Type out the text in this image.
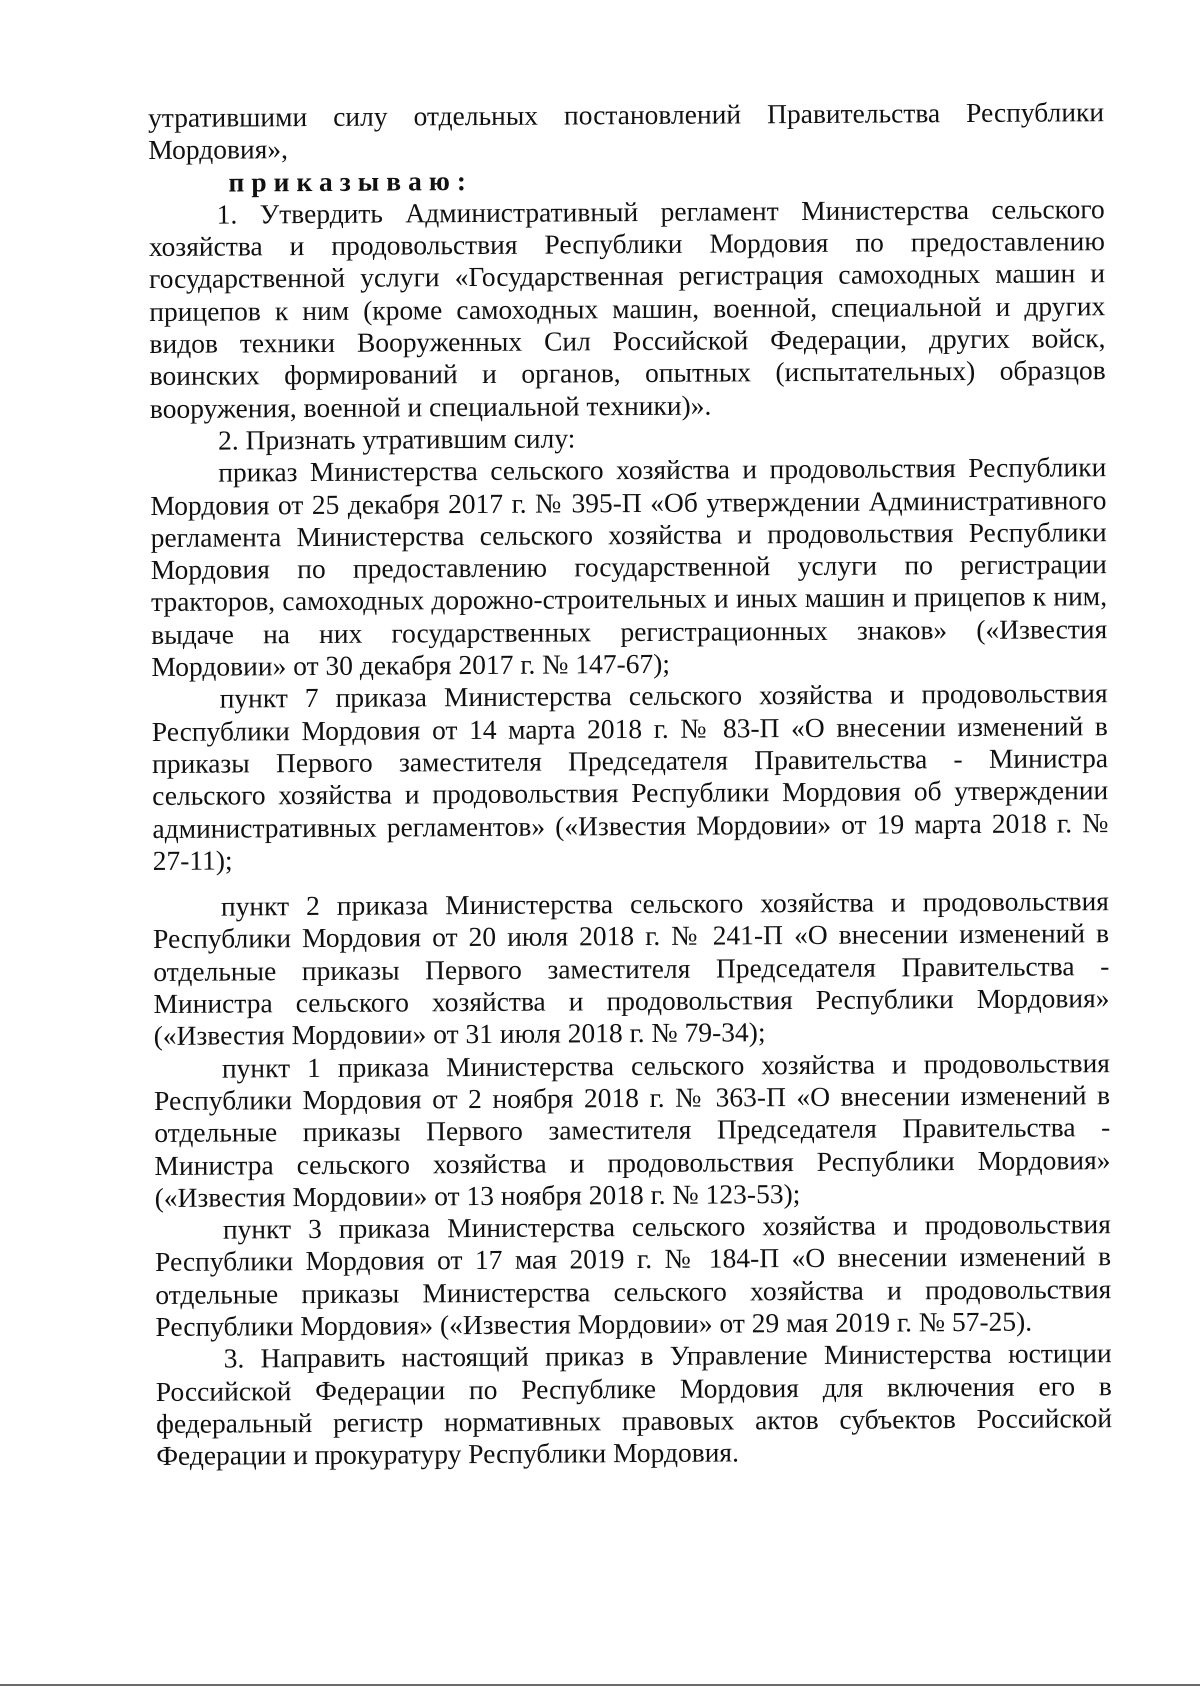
утратившими силу отдельных постановлений Правительства Республики Мордовия»,

приказываю:

1. Утвердить Административный регламент Министерства сельского хозяйства и продовольствия Республики Мордовия по предоставлению государственной услуги «Государственная регистрация самоходных машин и прицепов к ним (кроме самоходных машин, военной, специальной и других видов техники Вооруженных Сил Российской Федерации, других войск, воинских формирований и органов, опытных (испытательных) образцов вооружения, военной и специальной техники)».

2. Признать утратившим силу:

приказ Министерства сельского хозяйства и продовольствия Республики Мордовия от 25 декабря 2017 г. № 395-П «Об утверждении Административного регламента Министерства сельского хозяйства и продовольствия Республики Мордовия по предоставлению государственной услуги по регистрации тракторов, самоходных дорожно-строительных и иных машин и прицепов к ним, выдаче на них государственных регистрационных знаков» («Известия Мордовии» от 30 декабря 2017 г. № 147-67);

пункт 7 приказа Министерства сельского хозяйства и продовольствия Республики Мордовия от 14 марта 2018 г. № 83-П «О внесении изменений в приказы Первого заместителя Председателя Правительства - Министра сельского хозяйства и продовольствия Республики Мордовия об утверждении административных регламентов» («Известия Мордовии» от 19 марта 2018 г. № 27-11);

пункт 2 приказа Министерства сельского хозяйства и продовольствия Республики Мордовия от 20 июля 2018 г. № 241-П «О внесении изменений в отдельные приказы Первого заместителя Председателя Правительства - Министра сельского хозяйства и продовольствия Республики Мордовия» («Известия Мордовии» от 31 июля 2018 г. № 79-34);

пункт 1 приказа Министерства сельского хозяйства и продовольствия Республики Мордовия от 2 ноября 2018 г. № 363-П «О внесении изменений в отдельные приказы Первого заместителя Председателя Правительства - Министра сельского хозяйства и продовольствия Республики Мордовия» («Известия Мордовии» от 13 ноября 2018 г. № 123-53);

пункт 3 приказа Министерства сельского хозяйства и продовольствия Республики Мордовия от 17 мая 2019 г. № 184-П «О внесении изменений в отдельные приказы Министерства сельского хозяйства и продовольствия Республики Мордовия» («Известия Мордовии» от 29 мая 2019 г. № 57-25).

3. Направить настоящий приказ в Управление Министерства юстиции Российской Федерации по Республике Мордовия для включения его в федеральный регистр нормативных правовых актов субъектов Российской Федерации и прокуратуру Республики Мордовия.
